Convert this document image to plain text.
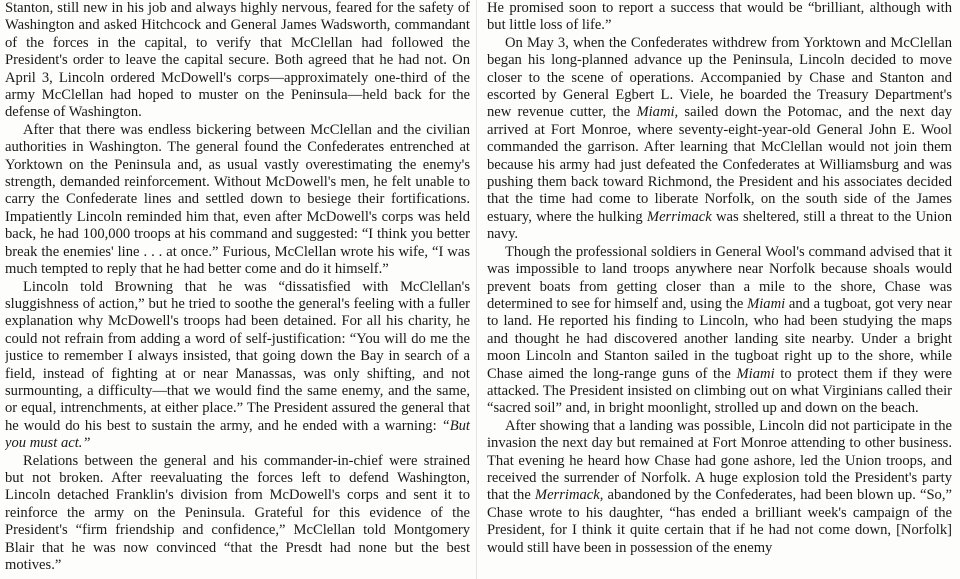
Stanton, still new in his job and always highly nervous, feared for the safety of Washington and asked Hitchcock and General James Wadsworth, commandant of the forces in the capital, to verify that McClellan had followed the President's order to leave the capital secure. Both agreed that he had not. On April 3, Lincoln ordered McDowell's corps—approximately one-third of the army McClellan had hoped to muster on the Peninsula—held back for the defense of Washington.

After that there was endless bickering between McClellan and the civilian authorities in Washington. The general found the Confederates entrenched at Yorktown on the Peninsula and, as usual vastly overestimating the enemy's strength, demanded reinforcement. Without McDowell's men, he felt unable to carry the Confederate lines and settled down to besiege their fortifications. Impatiently Lincoln reminded him that, even after McDowell's corps was held back, he had 100,000 troops at his command and suggested: “I think you better break the enemies' line . . . at once.” Furious, McClellan wrote his wife, “I was much tempted to reply that he had better come and do it himself.”

Lincoln told Browning that he was “dissatisfied with McClellan's sluggishness of action,” but he tried to soothe the general's feeling with a fuller explanation why McDowell's troops had been detained. For all his charity, he could not refrain from adding a word of self-justification: “You will do me the justice to remember I always insisted, that going down the Bay in search of a field, instead of fighting at or near Manassas, was only shifting, and not surmounting, a difficulty—that we would find the same enemy, and the same, or equal, intrenchments, at either place.” The President assured the general that he would do his best to sustain the army, and he ended with a warning: “But you must act.”

Relations between the general and his commander-in-chief were strained but not broken. After reevaluating the forces left to defend Washington, Lincoln detached Franklin's division from McDowell's corps and sent it to reinforce the army on the Peninsula. Grateful for this evidence of the President's “firm friendship and confidence,” McClellan told Montgomery Blair that he was now convinced “that the Presdt had none but the best motives.”

He promised soon to report a success that would be “brilliant, although with but little loss of life.”

On May 3, when the Confederates withdrew from Yorktown and McClellan began his long-planned advance up the Peninsula, Lincoln decided to move closer to the scene of operations. Accompanied by Chase and Stanton and escorted by General Egbert L. Viele, he boarded the Treasury Department's new revenue cutter, the Miami, sailed down the Potomac, and the next day arrived at Fort Monroe, where seventy-eight-year-old General John E. Wool commanded the garrison. After learning that McClellan would not join them because his army had just defeated the Confederates at Williamsburg and was pushing them back toward Richmond, the President and his associates decided that the time had come to liberate Norfolk, on the south side of the James estuary, where the hulking Merrimack was sheltered, still a threat to the Union navy.

Though the professional soldiers in General Wool's command advised that it was impossible to land troops anywhere near Norfolk because shoals would prevent boats from getting closer than a mile to the shore, Chase was determined to see for himself and, using the Miami and a tugboat, got very near to land. He reported his finding to Lincoln, who had been studying the maps and thought he had discovered another landing site nearby. Under a bright moon Lincoln and Stanton sailed in the tugboat right up to the shore, while Chase aimed the long-range guns of the Miami to protect them if they were attacked. The President insisted on climbing out on what Virginians called their “sacred soil” and, in bright moonlight, strolled up and down on the beach.

After showing that a landing was possible, Lincoln did not participate in the invasion the next day but remained at Fort Monroe attending to other business. That evening he heard how Chase had gone ashore, led the Union troops, and received the surrender of Norfolk. A huge explosion told the President's party that the Merrimack, abandoned by the Confederates, had been blown up. “So,” Chase wrote to his daughter, “has ended a brilliant week's campaign of the President, for I think it quite certain that if he had not come down, [Norfolk] would still have been in possession of the enemy
